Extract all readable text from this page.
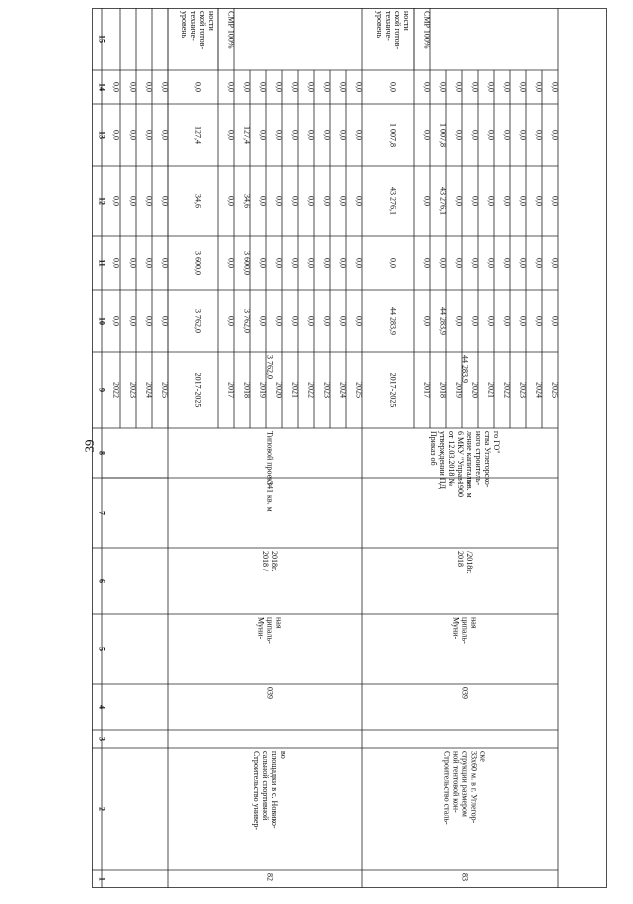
39
15
14
13
12
11
10
9
8
7
6
5
4
3
2
1
0,0
0,0
0,0
0,0
0,0
2022
0,0
0,0
0,0
0,0
0,0
2023
0,0
0,0
0,0
0,0
0,0
2024
0,0
0,0
0,0
0,0
0,0
2025
82
Строительство универ- сальной спортивной площадки в с. Новико- во
039
Муни- ципаль- ная
2018 / 2018г.
341 кв. м
Типовой проект
3 762,0
уровень техниче- ской готов- ности
0,0
127,4
34,6
3 600,0
3 762,0
2017-2025
СМР 100%
0,0
0,0
0,0
0,0
0,0
2017
0,0
127,4
34,6
3 600,0
3 762,0
2018
0,0
0,0
0,0
0,0
0,0
2019
0,0
0,0
0,0
0,0
0,0
2020
0,0
0,0
0,0
0,0
0,0
2021
0,0
0,0
0,0
0,0
0,0
2022
0,0
0,0
0,0
0,0
0,0
2023
0,0
0,0
0,0
0,0
0,0
2024
0,0
0,0
0,0
0,0
0,0
2025
83
Строительство сталь- ной тентовой кон- струкции размером 33х60 м. в г. Углегор- ске
039
Муни- ципаль- ная
2018 /2018г.
1900 кв. м
Приказ об утверждении ПД от 12.03.2018 № 6 МКУ "Управ- ление капиталь- ного строитель- ства Углегорско- го ГО"
44 283,9
уровень техниче- ской готов- ности
0,0
1 007,8
43 276,1
0,0
44 283,9
2017-2025
СМР 100%
0,0
0,0
0,0
0,0
0,0
2017
0,0
1 007,8
43 276,1
0,0
44 283,9
2018
0,0
0,0
0,0
0,0
0,0
2019
0,0
0,0
0,0
0,0
0,0
2020
0,0
0,0
0,0
0,0
0,0
2021
0,0
0,0
0,0
0,0
0,0
2022
0,0
0,0
0,0
0,0
0,0
2023
0,0
0,0
0,0
0,0
0,0
2024
0,0
0,0
0,0
0,0
0,0
2025
